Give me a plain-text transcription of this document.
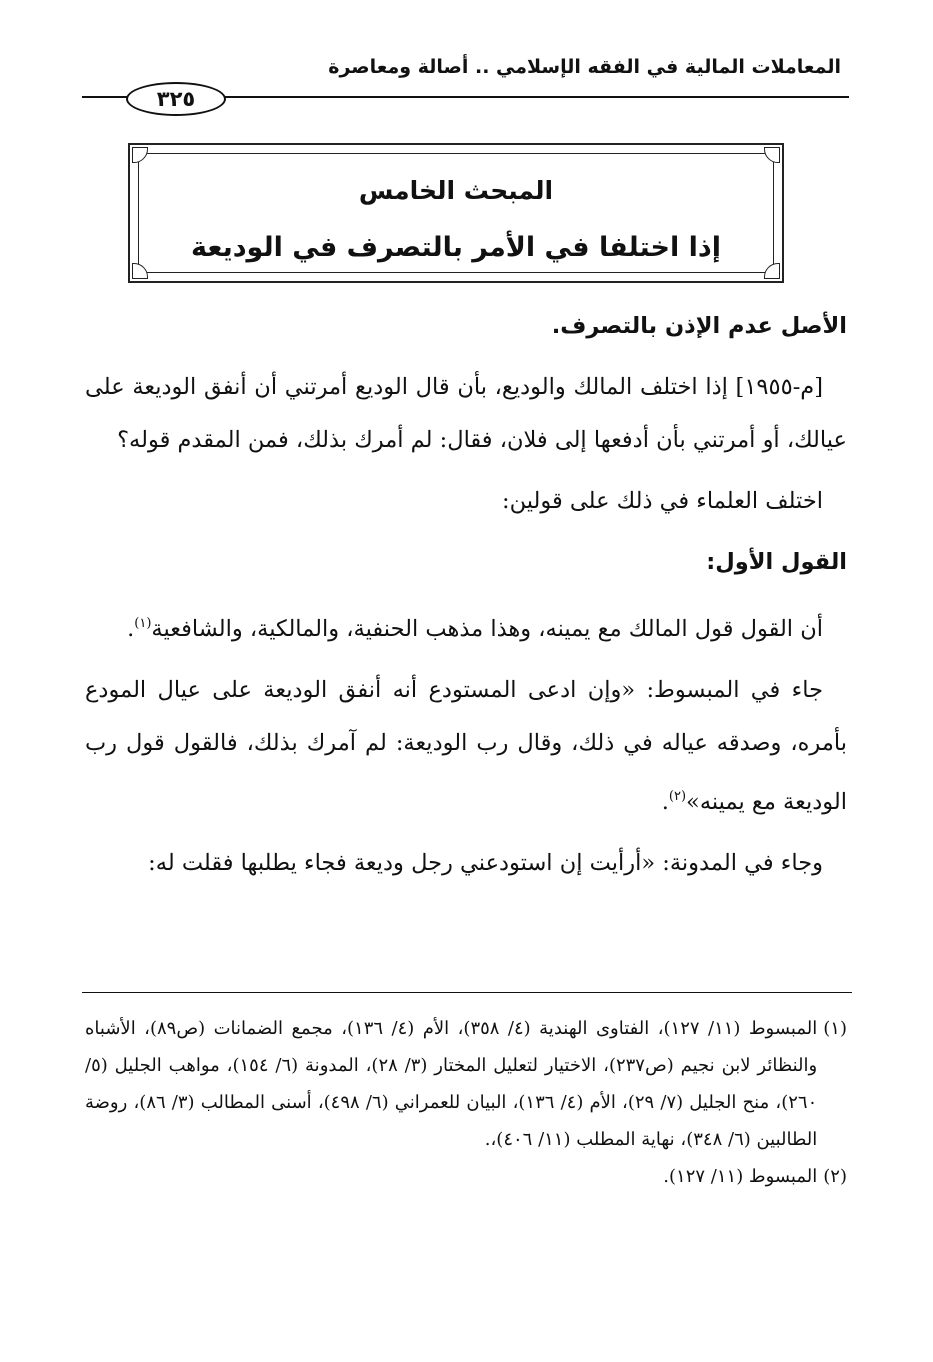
المعاملات المالية في الفقه الإسلامي .. أصالة ومعاصرة
٣٢٥
المبحث الخامس
إذا اختلفا في الأمر بالتصرف في الوديعة

الأصل عدم الإذن بالتصرف.

[م-١٩٥٥] إذا اختلف المالك والوديع، بأن قال الوديع أمرتني أن أنفق الوديعة على عيالك، أو أمرتني بأن أدفعها إلى فلان، فقال: لم أمرك بذلك، فمن المقدم قوله؟

اختلف العلماء في ذلك على قولين:

القول الأول:

أن القول قول المالك مع يمينه، وهذا مذهب الحنفية، والمالكية، والشافعية$^{(١)}$.

جاء في المبسوط: «وإن ادعى المستودع أنه أنفق الوديعة على عيال المودع بأمره، وصدقه عياله في ذلك، وقال رب الوديعة: لم آمرك بذلك، فالقول قول رب الوديعة مع يمينه»$^{(٢)}$.

وجاء في المدونة: «أرأيت إن استودعني رجل وديعة فجاء يطلبها فقلت له:

(١)
المبسوط (١١/ ١٢٧)، الفتاوى الهندية (٤/ ٣٥٨)، الأم (٤/ ١٣٦)، مجمع الضمانات (ص٨٩)، الأشباه والنظائر لابن نجيم (ص٢٣٧)، الاختيار لتعليل المختار (٣/ ٢٨)، المدونة (٦/ ١٥٤)، مواهب الجليل (٥/ ٢٦٠)، منح الجليل (٧/ ٢٩)، الأم (٤/ ١٣٦)، البيان للعمراني (٦/ ٤٩٨)، أسنى المطالب (٣/ ٨٦)، روضة الطالبين (٦/ ٣٤٨)، نهاية المطلب (١١/ ٤٠٦)،.
(٢)
المبسوط (١١/ ١٢٧).
